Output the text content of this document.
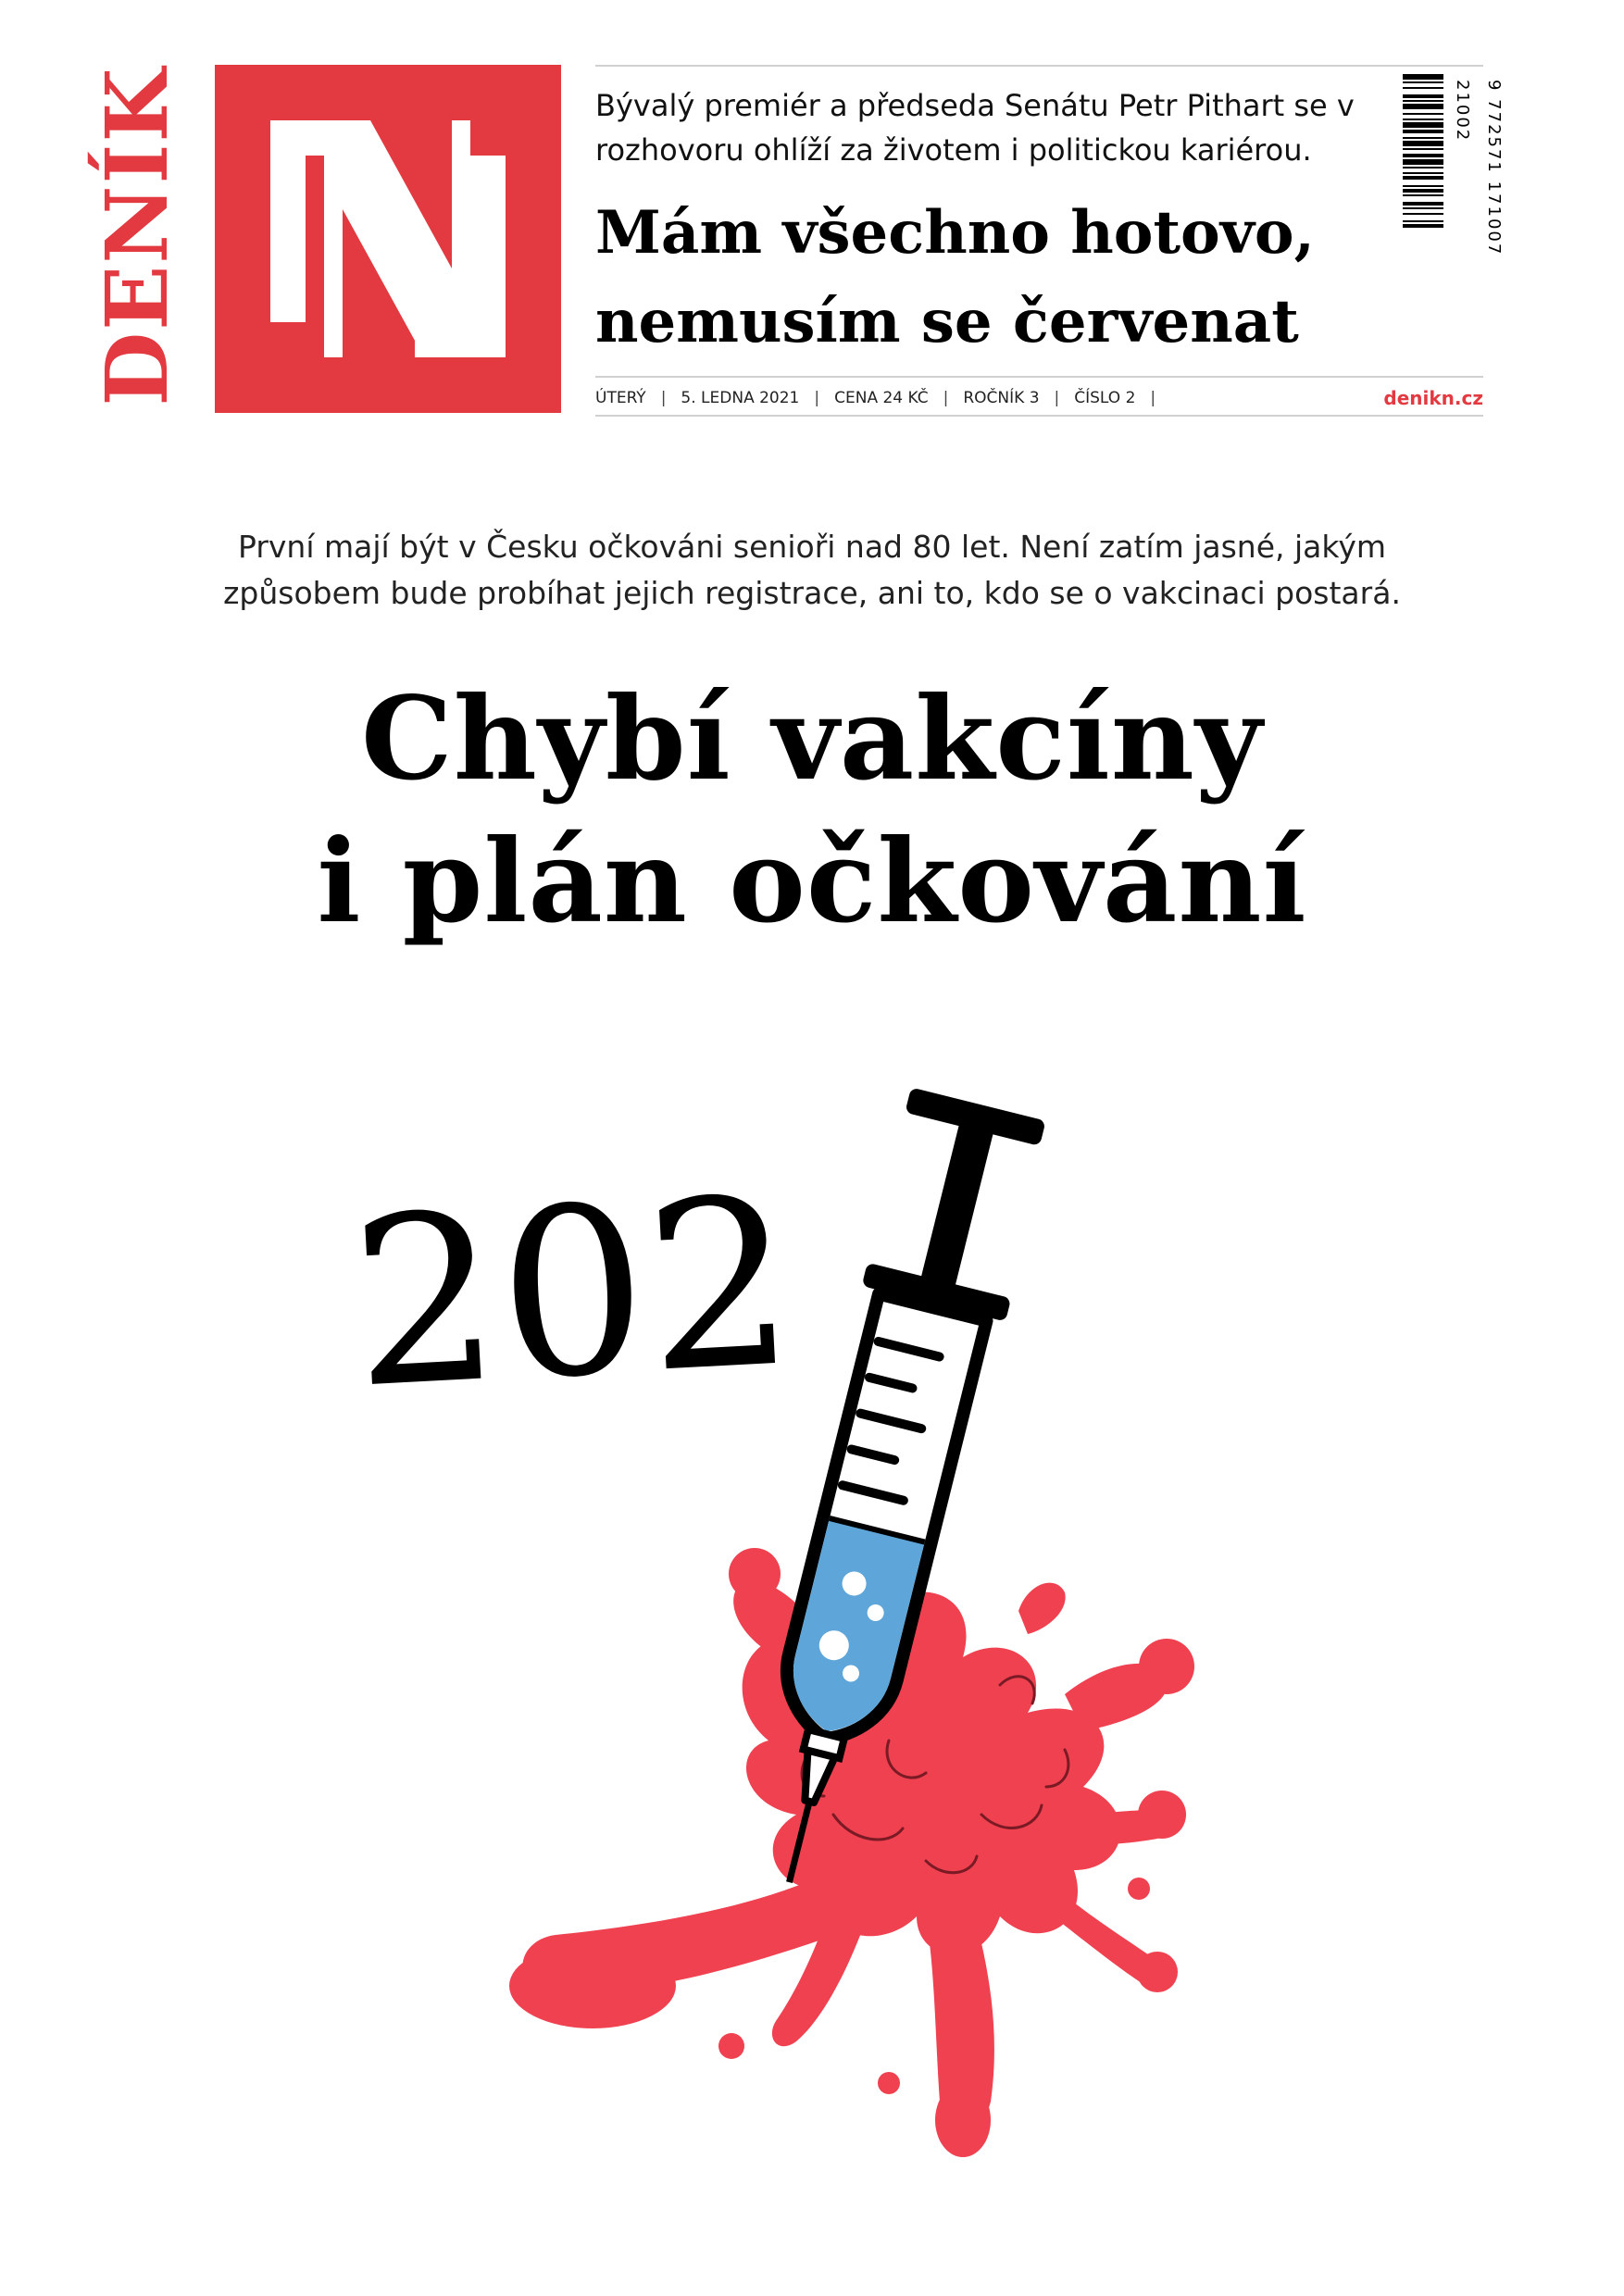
DENÍK	Bývalý premiér a předseda Senátu Petr Pithart se v rozhovoru ohlíží za životem i politickou kariérou.
Mám všechno hotovo,
nemusím se červenat
21002 9 772571 171007
ÚTERÝ | 5. LEDNA 2021 | CENA 24 KČ | ROČNÍK 3 | ČÍSLO 2 |	denikn.cz
První mají být v Česku očkováni senioři nad 80 let. Není zatím jasné, jakým
způsobem bude probíhat jejich registrace, ani to, kdo se o vakcinaci postará.
Chybí vakcíny
i plán očkování
202
